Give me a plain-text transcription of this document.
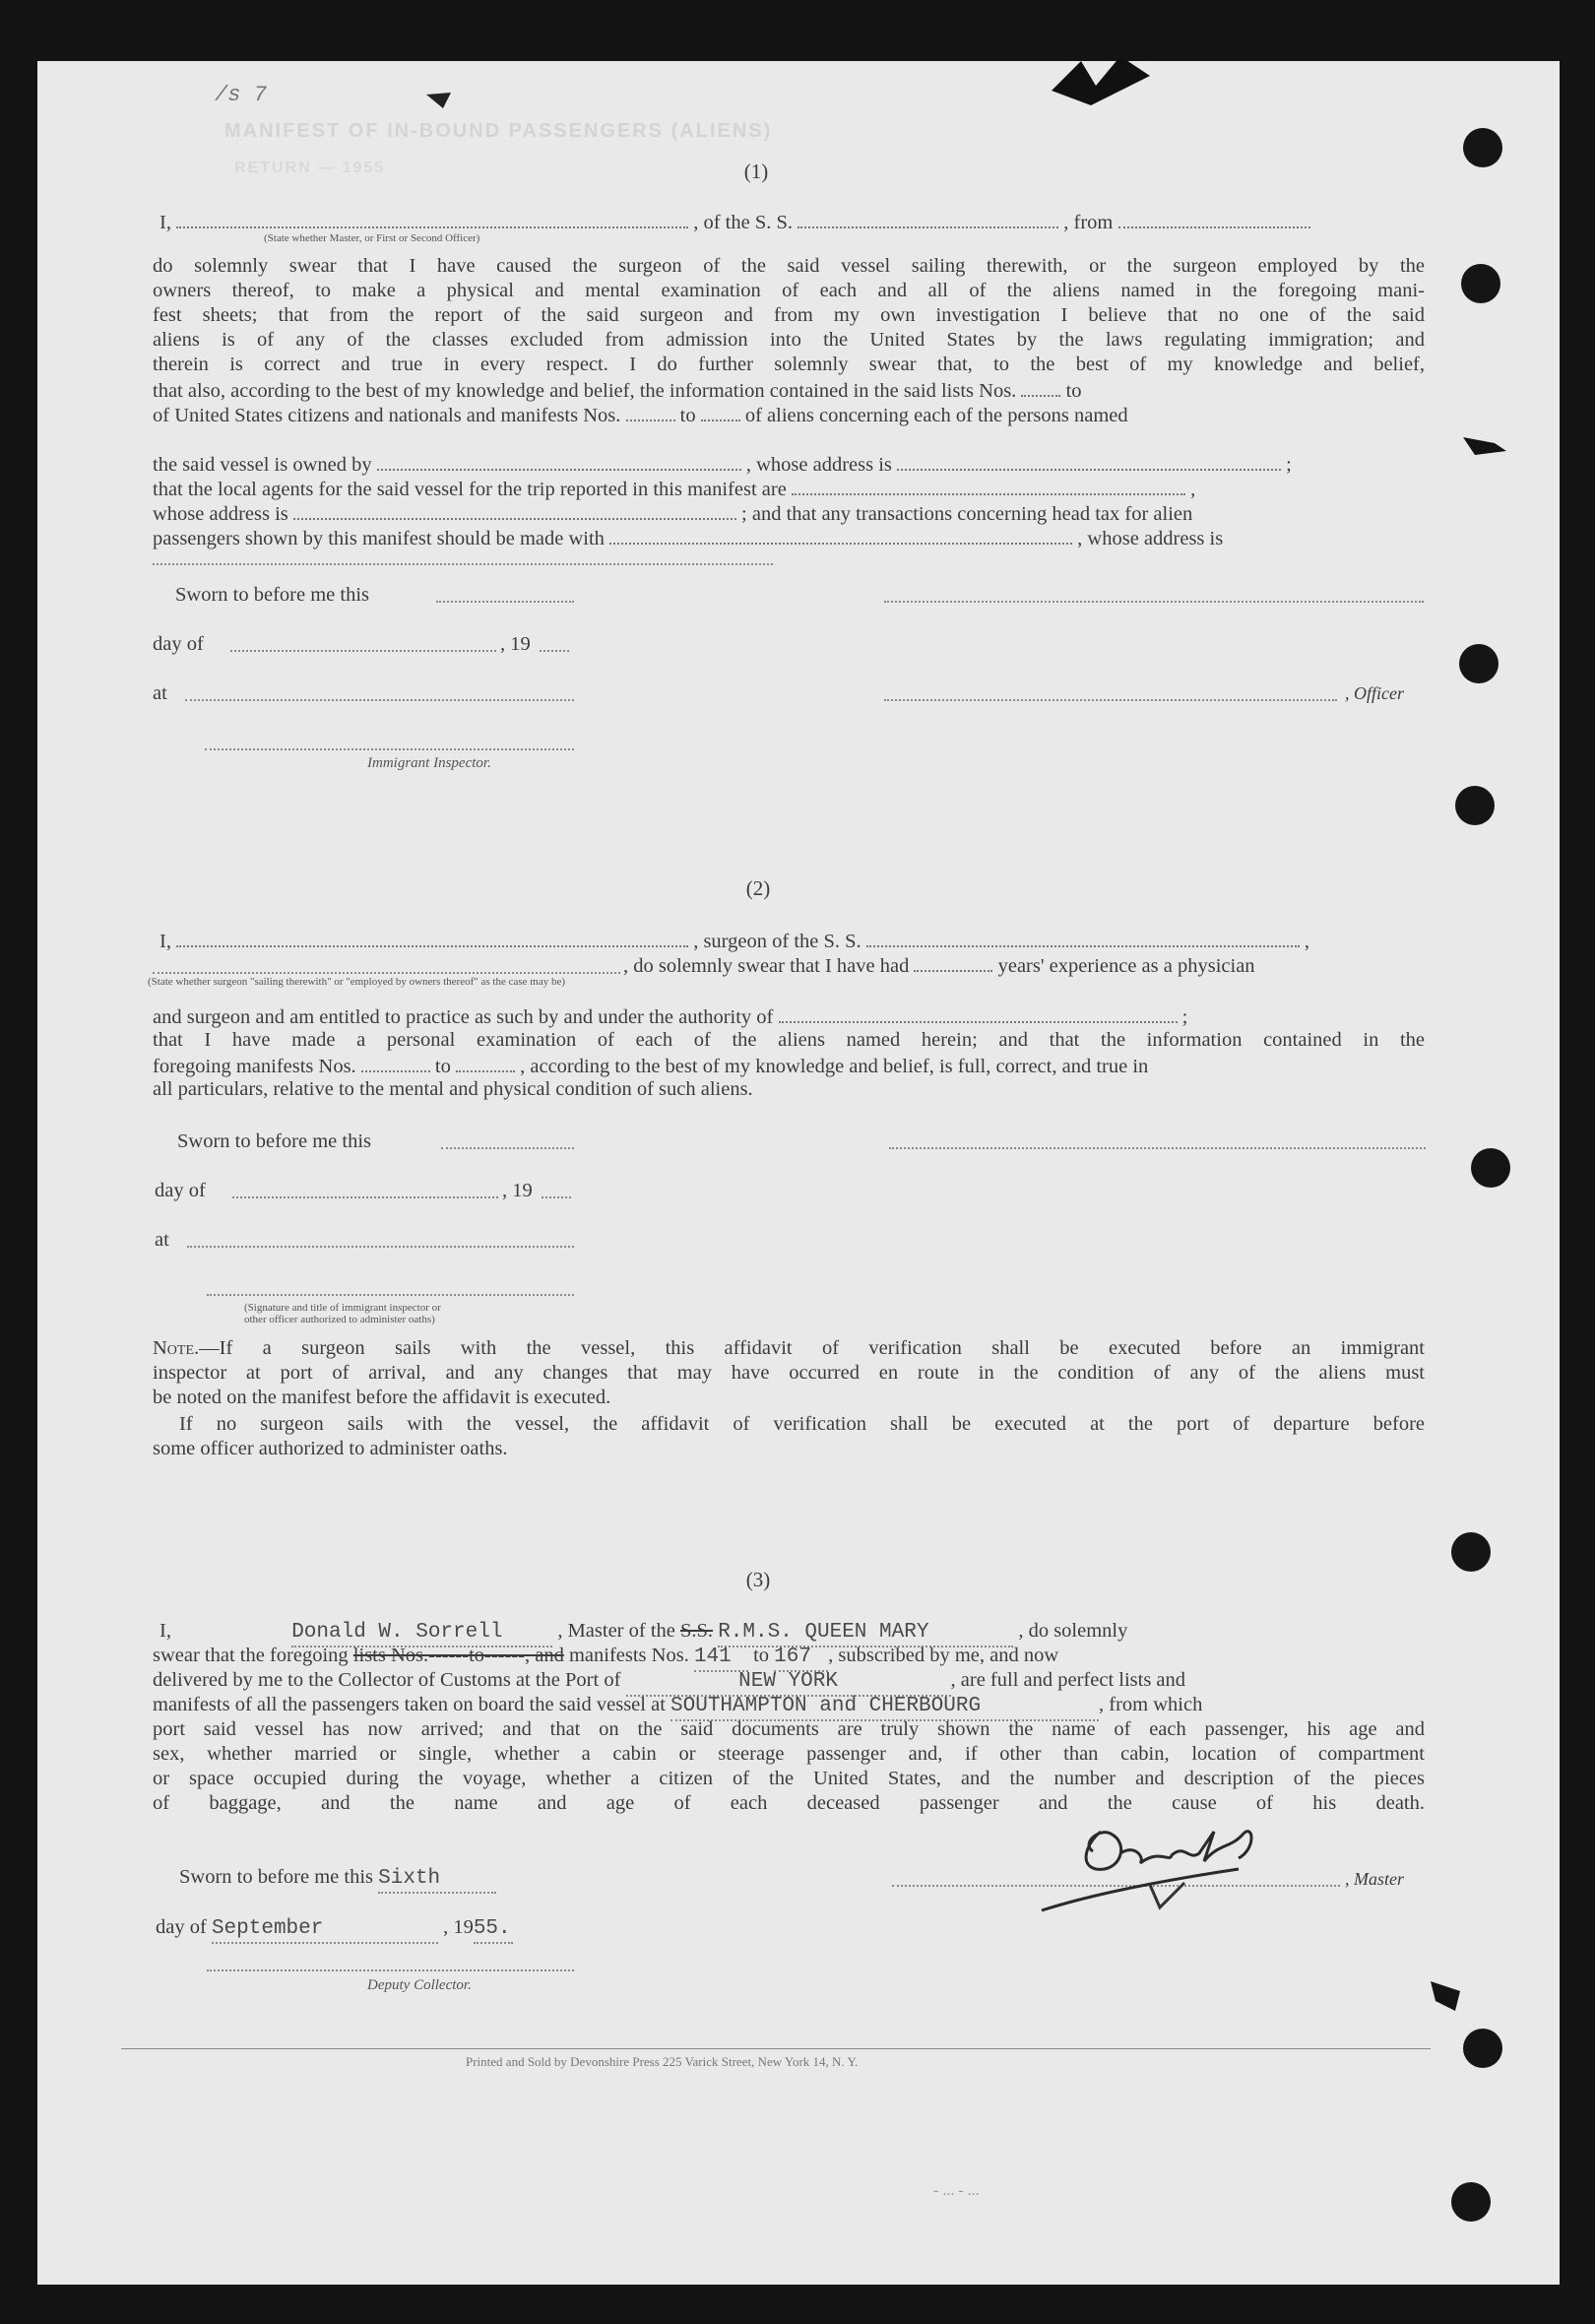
MANIFEST OF IN-BOUND PASSENGERS (ALIENS)
RETURN — 1955
/s 7
(1)
I,	, of the S. S.	, from
(State whether Master, or First or Second Officer)

do solemnly swear that I have caused the surgeon of the said vessel sailing therewith, or the surgeon employed by the

owners thereof, to make a physical and mental examination of each and all of the aliens named in the foregoing mani-

fest sheets; that from the report of the said surgeon and from my own investigation I believe that no one of the said

aliens is of any of the classes excluded from admission into the United States by the laws regulating immigration; and

therein is correct and true in every respect. I do further solemnly swear that, to the best of my knowledge and belief,

that also, according to the best of my knowledge and belief, the information contained in the said lists Nos. to
of United States citizens and nationals and manifests Nos.	to of aliens concerning each of the persons named

the said vessel is owned by	, whose address is	;
that the local agents for the said vessel for the trip reported in this manifest are	,
whose address is	; and that any transactions concerning head tax for alien
passengers shown by this manifest should be made with	, whose address is
Sworn to before me this
day of	, 19
at	, Officer
Immigrant Inspector.
(2)
I,	, surgeon of the S. S.	,
, do solemnly swear that I have had	years' experience as a physician
(State whether surgeon "sailing therewith" or "employed by owners thereof" as the case may be)
and surgeon and am entitled to practice as such by and under the authority of	;

that I have made a personal examination of each of the aliens named herein; and that the information contained in the

foregoing manifests Nos.	to	, according to the best of my knowledge and belief, is full, correct, and true in

all particulars, relative to the mental and physical condition of such aliens.

Sworn to before me this
day of	, 19
at
(Signature and title of immigrant inspector or
other officer authorized to administer oaths)
Note.—If a surgeon sails with the vessel, this affidavit of verification shall be executed before an immigrant

inspector at port of arrival, and any changes that may have occurred en route in the condition of any of the aliens must

be noted on the manifest before the affidavit is executed.

If no surgeon sails with the vessel, the affidavit of verification shall be executed at the port of departure before

some officer authorized to administer oaths.

(3)
I,	Donald W. Sorrell	, Master of the S.S. R.M.S. QUEEN MARY	, do solemnly
swear that the foregoing lists Nos.------to------, and manifests Nos. 141 to 167 , subscribed by me, and now
delivered by me to the Collector of Customs at the Port of	NEW YORK	, are full and perfect lists and
manifests of all the passengers taken on board the said vessel at SOUTHAMPTON and CHERBOURG	, from which

port said vessel has now arrived; and that on the said documents are truly shown the name of each passenger, his age and

sex, whether married or single, whether a cabin or steerage passenger and, if other than cabin, location of compartment

or space occupied during the voyage, whether a citizen of the United States, and the number and description of the pieces

of baggage, and the name and age of each deceased passenger and the cause of his death.

Sworn to before me this Sixth	, Master
day of September	, 1955.
Deputy Collector.
Printed and Sold by Devonshire Press 225 Varick Street, New York 14, N. Y.
- ... - ...
